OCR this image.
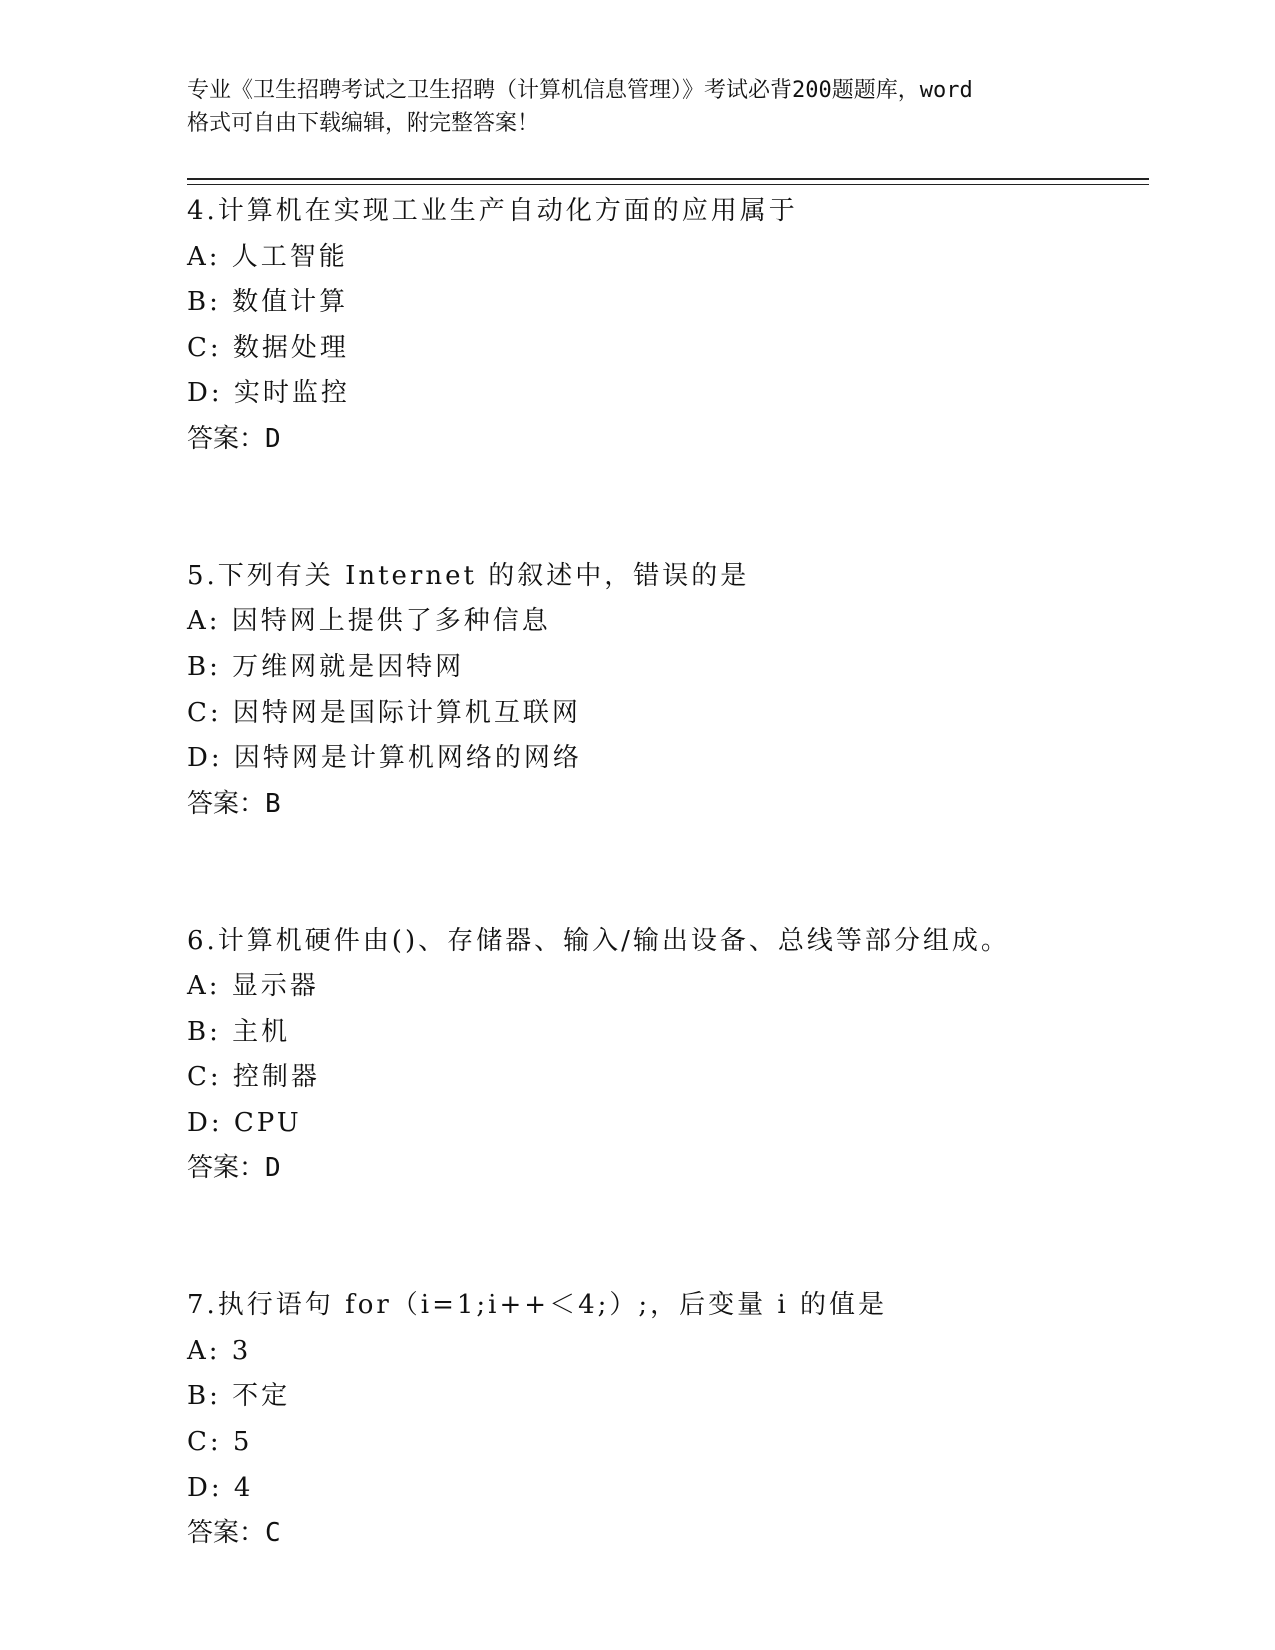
专业《卫生招聘考试之卫生招聘（计算机信息管理）》考试必背200题题库，word
格式可自由下载编辑，附完整答案！
4.计算机在实现工业生产自动化方面的应用属于
A: 人工智能
B: 数值计算
C: 数据处理
D: 实时监控
答案：D
5.下列有关 Internet 的叙述中，错误的是
A: 因特网上提供了多种信息
B: 万维网就是因特网
C: 因特网是国际计算机互联网
D: 因特网是计算机网络的网络
答案：B
6.计算机硬件由()、存储器、输入/输出设备、总线等部分组成。
A: 显示器
B: 主机
C: 控制器
D: CPU
答案：D
7.执行语句 for（i=1;i++＜4;）;，后变量 i 的值是
A: 3
B: 不定
C: 5
D: 4
答案：C
